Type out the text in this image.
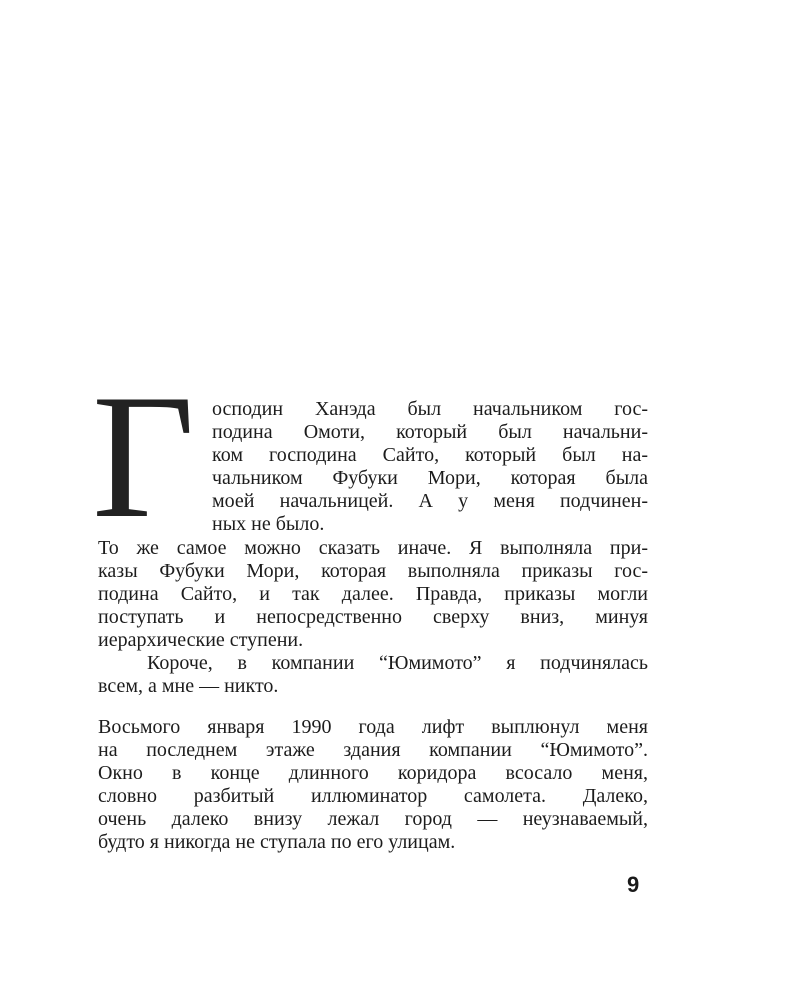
Г осподин Ханэда был начальником гос-
подина Омоти, который был начальни-
ком господина Сайто, который был на-
чальником Фубуки Мори, которая была
моей начальницей. А у меня подчинен-
ных не было.
То же самое можно сказать иначе. Я выполняла при-
казы Фубуки Мори, которая выполняла приказы гос-
подина Сайто, и так далее. Правда, приказы могли
поступать и непосредственно сверху вниз, минуя
иерархические ступени.
Короче, в компании “Юмимото” я подчинялась
всем, а мне — никто.
Восьмого января 1990 года лифт выплюнул меня
на последнем этаже здания компании “Юмимото”.
Окно в конце длинного коридора всосало меня,
словно разбитый иллюминатор самолета. Далеко,
очень далеко внизу лежал город — неузнаваемый,
будто я никогда не ступала по его улицам.
9
